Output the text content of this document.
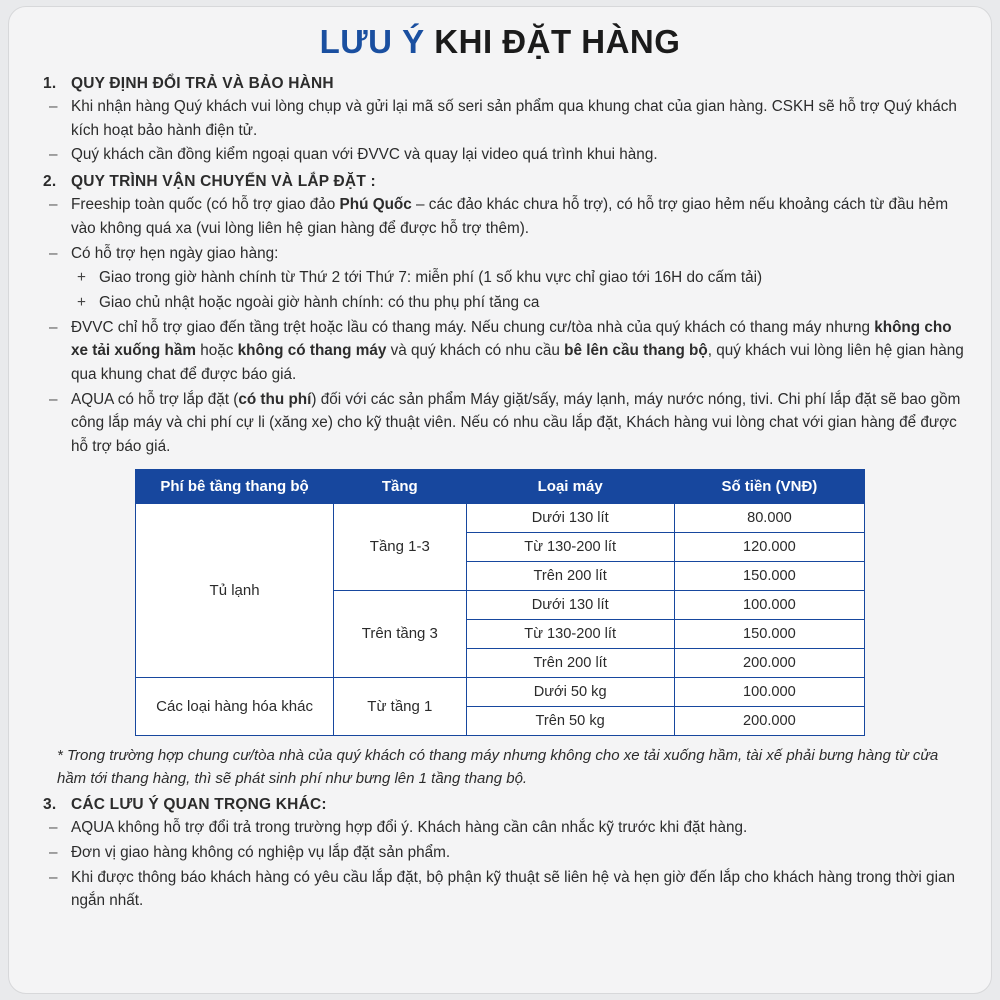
LƯU Ý KHI ĐẶT HÀNG
1. QUY ĐỊNH ĐỔI TRẢ VÀ BẢO HÀNH
– Khi nhận hàng Quý khách vui lòng chụp và gửi lại mã số seri sản phẩm qua khung chat của gian hàng. CSKH sẽ hỗ trợ Quý khách kích hoạt bảo hành điện tử.
– Quý khách cần đồng kiểm ngoại quan với ĐVVC và quay lại video quá trình khui hàng.
2. QUY TRÌNH VẬN CHUYỂN VÀ LẮP ĐẶT :
– Freeship toàn quốc (có hỗ trợ giao đảo Phú Quốc – các đảo khác chưa hỗ trợ), có hỗ trợ giao hẻm nếu khoảng cách từ đầu hẻm vào không quá xa (vui lòng liên hệ gian hàng để được hỗ trợ thêm).
– Có hỗ trợ hẹn ngày giao hàng:
+ Giao trong giờ hành chính từ Thứ 2 tới Thứ 7: miễn phí (1 số khu vực chỉ giao tới 16H do cấm tải)
+ Giao chủ nhật hoặc ngoài giờ hành chính: có thu phụ phí tăng ca
– ĐVVC chỉ hỗ trợ giao đến tầng trệt hoặc lầu có thang máy. Nếu chung cư/tòa nhà của quý khách có thang máy nhưng không cho xe tải xuống hầm hoặc không có thang máy và quý khách có nhu cầu bê lên cầu thang bộ, quý khách vui lòng liên hệ gian hàng qua khung chat để được báo giá.
– AQUA có hỗ trợ lắp đặt (có thu phí) đối với các sản phẩm Máy giặt/sấy, máy lạnh, máy nước nóng, tivi. Chi phí lắp đặt sẽ bao gồm công lắp máy và chi phí cự li (xăng xe) cho kỹ thuật viên. Nếu có nhu cầu lắp đặt, Khách hàng vui lòng chat với gian hàng để được hỗ trợ báo giá.
Phí bê tầng thang bộ	Tầng	Loại máy	Số tiền (VNĐ)
Tủ lạnh	Tầng 1-3	Dưới 130 lít	80.000
		Từ 130-200 lít	120.000
		Trên 200 lít	150.000
	Trên tầng 3	Dưới 130 lít	100.000
		Từ 130-200 lít	150.000
		Trên 200 lít	200.000
Các loại hàng hóa khác	Từ tầng 1	Dưới 50 kg	100.000
		Trên 50 kg	200.000
* Trong trường hợp chung cư/tòa nhà của quý khách có thang máy nhưng không cho xe tải xuống hầm, tài xế phải bưng hàng từ cửa hầm tới thang hàng, thì sẽ phát sinh phí như bưng lên 1 tầng thang bộ.
3. CÁC LƯU Ý QUAN TRỌNG KHÁC:
– AQUA không hỗ trợ đổi trả trong trường hợp đổi ý. Khách hàng cần cân nhắc kỹ trước khi đặt hàng.
– Đơn vị giao hàng không có nghiệp vụ lắp đặt sản phẩm.
– Khi được thông báo khách hàng có yêu cầu lắp đặt, bộ phận kỹ thuật sẽ liên hệ và hẹn giờ đến lắp cho khách hàng trong thời gian ngắn nhất.
